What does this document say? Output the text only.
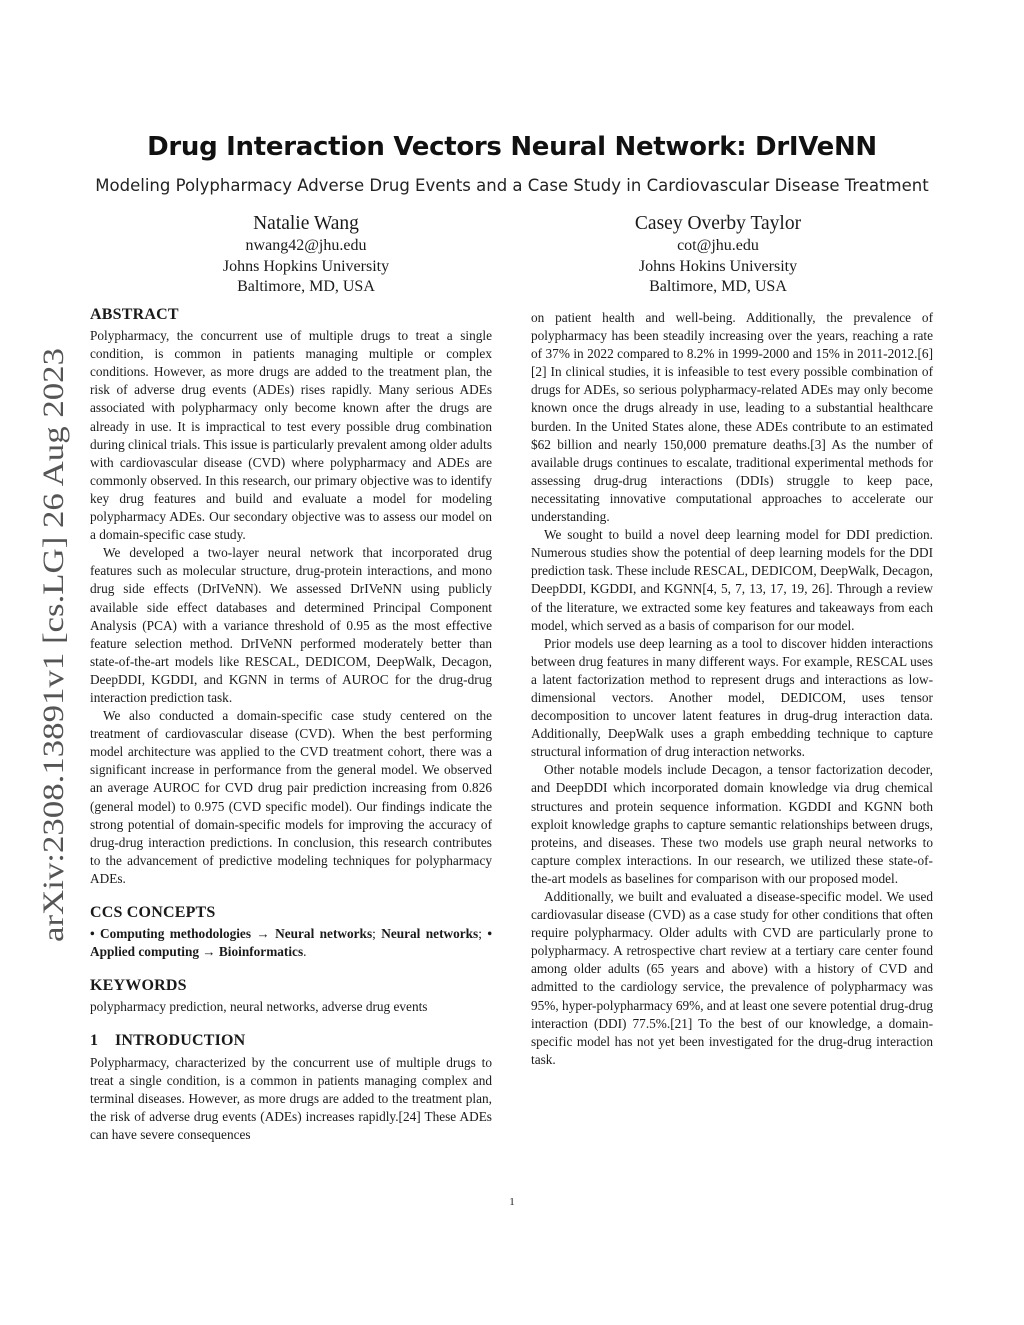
arXiv:2308.13891v1 [cs.LG] 26 Aug 2023
Drug Interaction Vectors Neural Network: DrIVeNN
Modeling Polypharmacy Adverse Drug Events and a Case Study in Cardiovascular Disease Treatment
Natalie Wang
nwang42@jhu.edu
Johns Hopkins University
Baltimore, MD, USA
Casey Overby Taylor
cot@jhu.edu
Johns Hokins University
Baltimore, MD, USA
ABSTRACT

Polypharmacy, the concurrent use of multiple drugs to treat a single condition, is common in patients managing multiple or complex conditions. However, as more drugs are added to the treatment plan, the risk of adverse drug events (ADEs) rises rapidly. Many serious ADEs associated with polypharmacy only become known after the drugs are already in use. It is impractical to test every possible drug combination during clinical trials. This issue is particularly prevalent among older adults with cardiovascular disease (CVD) where polypharmacy and ADEs are commonly observed. In this research, our primary objective was to identify key drug features and build and evaluate a model for modeling polypharmacy ADEs. Our secondary objective was to assess our model on a domain-specific case study.

We developed a two-layer neural network that incorporated drug features such as molecular structure, drug-protein interactions, and mono drug side effects (DrIVeNN). We assessed DrIVeNN using publicly available side effect databases and determined Principal Component Analysis (PCA) with a variance threshold of 0.95 as the most effective feature selection method. DrIVeNN performed moderately better than state-of-the-art models like RESCAL, DEDICOM, DeepWalk, Decagon, DeepDDI, KGDDI, and KGNN in terms of AUROC for the drug-drug interaction prediction task.

We also conducted a domain-specific case study centered on the treatment of cardiovascular disease (CVD). When the best performing model architecture was applied to the CVD treatment cohort, there was a significant increase in performance from the general model. We observed an average AUROC for CVD drug pair prediction increasing from 0.826 (general model) to 0.975 (CVD specific model). Our findings indicate the strong potential of domain-specific models for improving the accuracy of drug-drug interaction predictions. In conclusion, this research contributes to the advancement of predictive modeling techniques for polypharmacy ADEs.

CCS CONCEPTS

• Computing methodologies → Neural networks; Neural networks; • Applied computing → Bioinformatics.

KEYWORDS

polypharmacy prediction, neural networks, adverse drug events

1    INTRODUCTION

Polypharmacy, characterized by the concurrent use of multiple drugs to treat a single condition, is a common in patients managing complex and terminal diseases. However, as more drugs are added to the treatment plan, the risk of adverse drug events (ADEs) increases rapidly.[24] These ADEs can have severe consequences

on patient health and well-being. Additionally, the prevalence of polypharmacy has been steadily increasing over the years, reaching a rate of 37% in 2022 compared to 8.2% in 1999-2000 and 15% in 2011-2012.[6][2] In clinical studies, it is infeasible to test every possible combination of drugs for ADEs, so serious polypharmacy-related ADEs may only become known once the drugs already in use, leading to a substantial healthcare burden. In the United States alone, these ADEs contribute to an estimated $62 billion and nearly 150,000 premature deaths.[3] As the number of available drugs continues to escalate, traditional experimental methods for assessing drug-drug interactions (DDIs) struggle to keep pace, necessitating innovative computational approaches to accelerate our understanding.

We sought to build a novel deep learning model for DDI prediction. Numerous studies show the potential of deep learning models for the DDI prediction task. These include RESCAL, DEDICOM, DeepWalk, Decagon, DeepDDI, KGDDI, and KGNN[4, 5, 7, 13, 17, 19, 26]. Through a review of the literature, we extracted some key features and takeaways from each model, which served as a basis of comparison for our model.

Prior models use deep learning as a tool to discover hidden interactions between drug features in many different ways. For example, RESCAL uses a latent factorization method to represent drugs and interactions as low-dimensional vectors. Another model, DEDICOM, uses tensor decomposition to uncover latent features in drug-drug interaction data. Additionally, DeepWalk uses a graph embedding technique to capture structural information of drug interaction networks.

Other notable models include Decagon, a tensor factorization decoder, and DeepDDI which incorporated domain knowledge via drug chemical structures and protein sequence information. KGDDI and KGNN both exploit knowledge graphs to capture semantic relationships between drugs, proteins, and diseases. These two models use graph neural networks to capture complex interactions. In our research, we utilized these state-of-the-art models as baselines for comparison with our proposed model.

Additionally, we built and evaluated a disease-specific model. We used cardiovasular disease (CVD) as a case study for other conditions that often require polypharmacy. Older adults with CVD are particularly prone to polypharmacy. A retrospective chart review at a tertiary care center found among older adults (65 years and above) with a history of CVD and admitted to the cardiology service, the prevalence of polypharmacy was 95%, hyper-polypharmacy 69%, and at least one severe potential drug-drug interaction (DDI) 77.5%.[21] To the best of our knowledge, a domain-specific model has not yet been investigated for the drug-drug interaction task.

1
